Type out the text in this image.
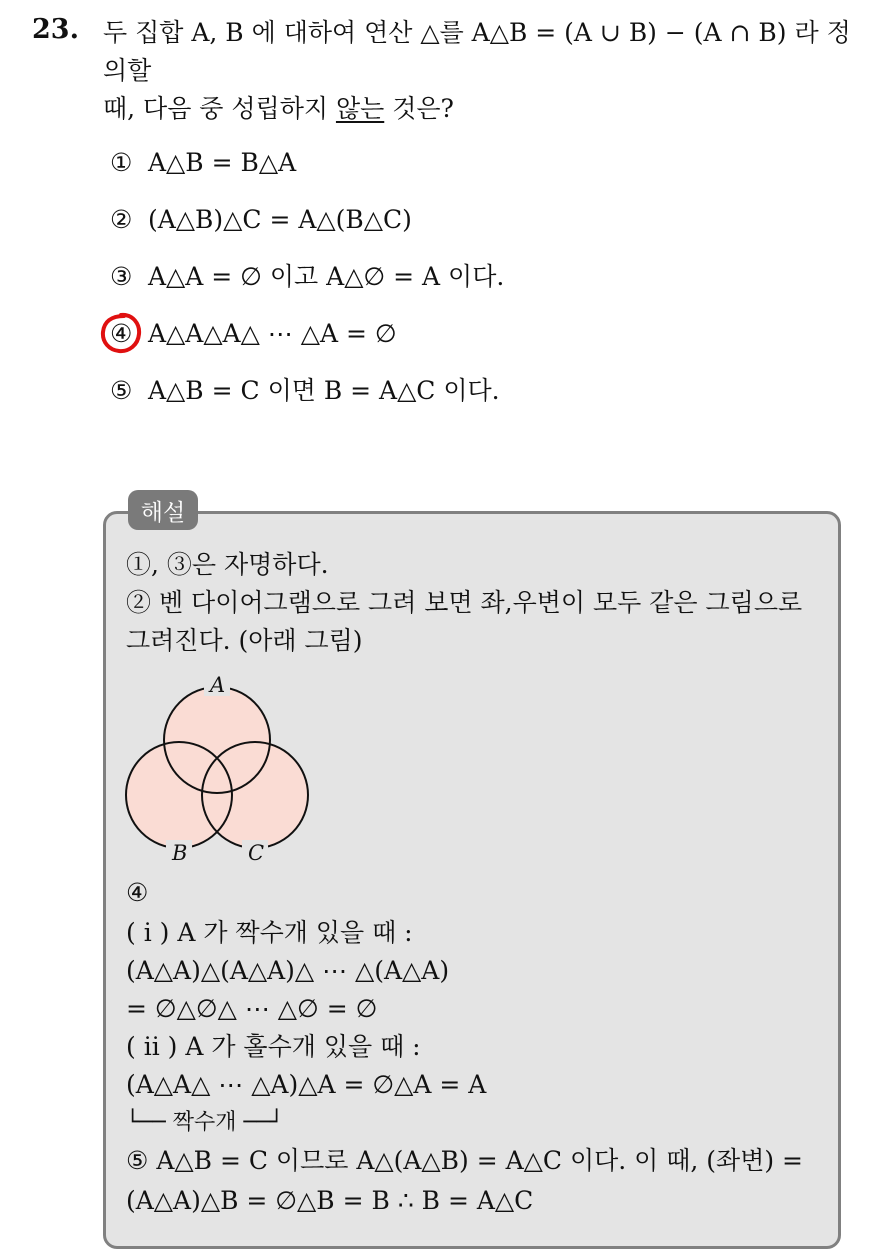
23. 두 집합 A, B 에 대하여 연산 △를 A△B = (A ∪ B) − (A ∩ B) 라 정의할
때, 다음 중 성립하지 않는 것은?
① A△B = B△A
② (A△B)△C = A△(B△C)
③ A△A = ∅ 이고 A△∅ = A 이다.
④ A△A△A△ ⋯ △A = ∅
⑤ A△B = C 이면 B = A△C 이다.
해설
①, ③은 자명하다.
② 벤 다이어그램으로 그려 보면 좌,우변이 모두 같은 그림으로
그려진다. (아래 그림)
④
( i ) A 가 짝수개 있을 때 :
(A△A)△(A△A)△ ⋯ △(A△A)
= ∅△∅△ ⋯ △∅ = ∅
( ii ) A 가 홀수개 있을 때 :
(A△A△ ⋯ △A)△A = ∅△A = A
└── 짝수개 ──┘
⑤ A△B = C 이므로 A△(A△B) = A△C 이다. 이 때, (좌변) =
(A△A)△B = ∅△B = B ∴ B = A△C
A
B	C
